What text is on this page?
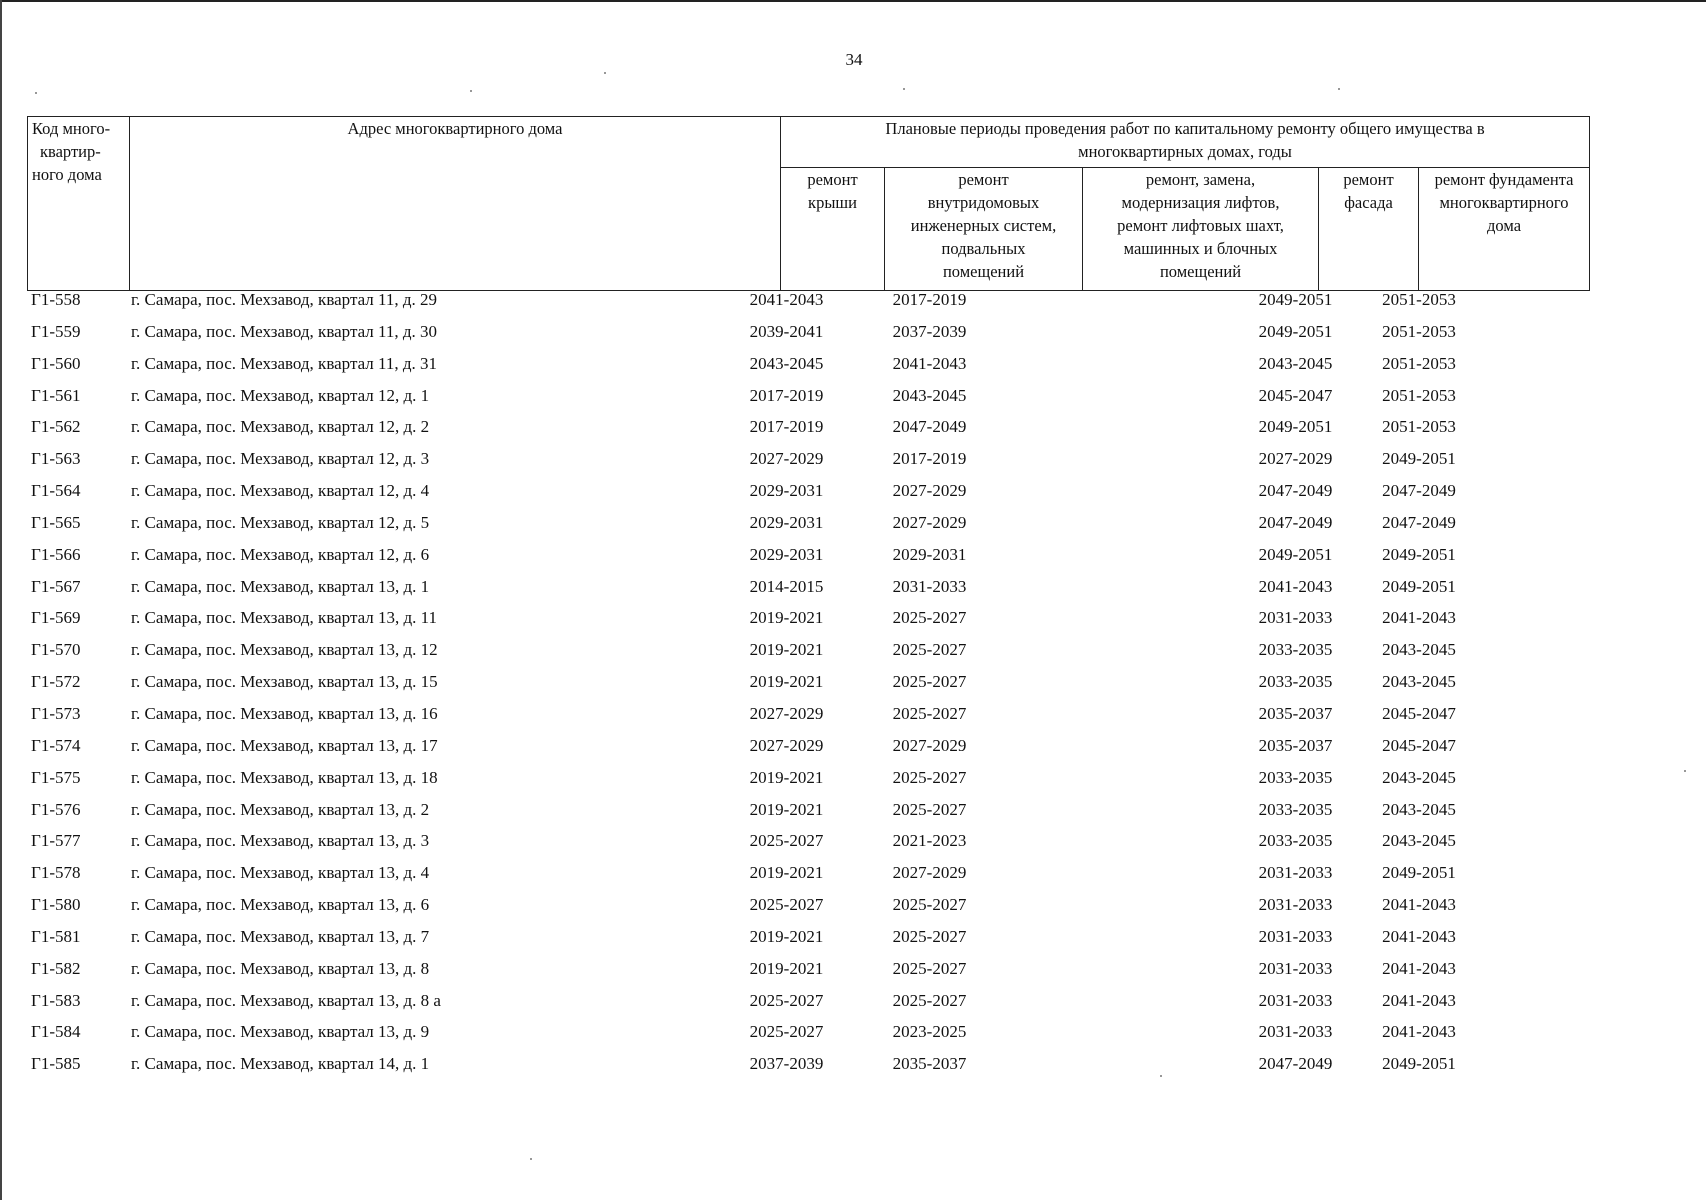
34
Код много-
квартир-
ного дома	Адрес многоквартирного дома	Плановые периоды проведения работ по капитальному ремонту общего имущества в
многоквартирных домах, годы				

		ремонт
крыши	ремонт
внутридомовых
инженерных систем,
подвальных
помещений	ремонт, замена,
модернизация лифтов,
ремонт лифтовых шахт,
машинных и блочных
помещений	ремонт
фасада	ремонт фундамента
многоквартирного
дома
Г1-558	г. Самара, пос. Мехзавод, квартал 11, д. 29	2041-2043	2017-2019	2049-2051	2051-2053
Г1-559	г. Самара, пос. Мехзавод, квартал 11, д. 30	2039-2041	2037-2039	2049-2051	2051-2053
Г1-560	г. Самара, пос. Мехзавод, квартал 11, д. 31	2043-2045	2041-2043	2043-2045	2051-2053
Г1-561	г. Самара, пос. Мехзавод, квартал 12, д. 1	2017-2019	2043-2045	2045-2047	2051-2053
Г1-562	г. Самара, пос. Мехзавод, квартал 12, д. 2	2017-2019	2047-2049	2049-2051	2051-2053
Г1-563	г. Самара, пос. Мехзавод, квартал 12, д. 3	2027-2029	2017-2019	2027-2029	2049-2051
Г1-564	г. Самара, пос. Мехзавод, квартал 12, д. 4	2029-2031	2027-2029	2047-2049	2047-2049
Г1-565	г. Самара, пос. Мехзавод, квартал 12, д. 5	2029-2031	2027-2029	2047-2049	2047-2049
Г1-566	г. Самара, пос. Мехзавод, квартал 12, д. 6	2029-2031	2029-2031	2049-2051	2049-2051
Г1-567	г. Самара, пос. Мехзавод, квартал 13, д. 1	2014-2015	2031-2033	2041-2043	2049-2051
Г1-569	г. Самара, пос. Мехзавод, квартал 13, д. 11	2019-2021	2025-2027	2031-2033	2041-2043
Г1-570	г. Самара, пос. Мехзавод, квартал 13, д. 12	2019-2021	2025-2027	2033-2035	2043-2045
Г1-572	г. Самара, пос. Мехзавод, квартал 13, д. 15	2019-2021	2025-2027	2033-2035	2043-2045
Г1-573	г. Самара, пос. Мехзавод, квартал 13, д. 16	2027-2029	2025-2027	2035-2037	2045-2047
Г1-574	г. Самара, пос. Мехзавод, квартал 13, д. 17	2027-2029	2027-2029	2035-2037	2045-2047
Г1-575	г. Самара, пос. Мехзавод, квартал 13, д. 18	2019-2021	2025-2027	2033-2035	2043-2045
Г1-576	г. Самара, пос. Мехзавод, квартал 13, д. 2	2019-2021	2025-2027	2033-2035	2043-2045
Г1-577	г. Самара, пос. Мехзавод, квартал 13, д. 3	2025-2027	2021-2023	2033-2035	2043-2045
Г1-578	г. Самара, пос. Мехзавод, квартал 13, д. 4	2019-2021	2027-2029	2031-2033	2049-2051
Г1-580	г. Самара, пос. Мехзавод, квартал 13, д. 6	2025-2027	2025-2027	2031-2033	2041-2043
Г1-581	г. Самара, пос. Мехзавод, квартал 13, д. 7	2019-2021	2025-2027	2031-2033	2041-2043
Г1-582	г. Самара, пос. Мехзавод, квартал 13, д. 8	2019-2021	2025-2027	2031-2033	2041-2043
Г1-583	г. Самара, пос. Мехзавод, квартал 13, д. 8 а	2025-2027	2025-2027	2031-2033	2041-2043
Г1-584	г. Самара, пос. Мехзавод, квартал 13, д. 9	2025-2027	2023-2025	2031-2033	2041-2043
Г1-585	г. Самара, пос. Мехзавод, квартал 14, д. 1	2037-2039	2035-2037	2047-2049	2049-2051
